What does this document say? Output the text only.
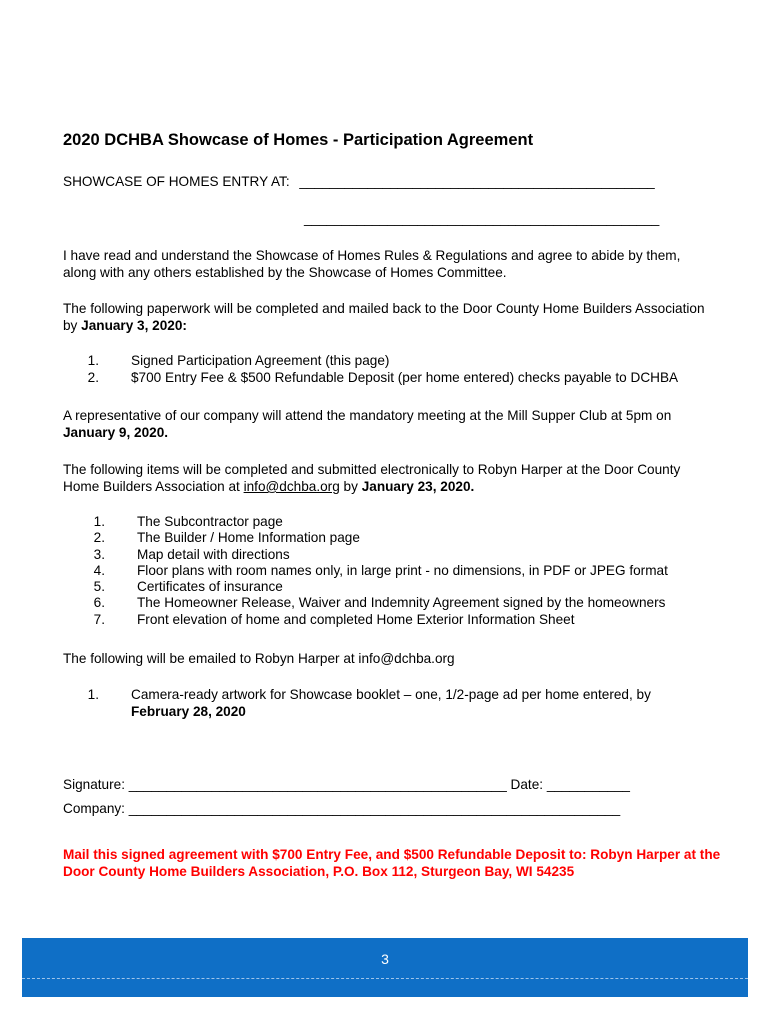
2020 DCHBA Showcase of Homes - Participation Agreement
SHOWCASE OF HOMES ENTRY AT: _______________________________________________
_______________________________________________
I have read and understand the Showcase of Homes Rules & Regulations and agree to abide by them, along with any others established by the Showcase of Homes Committee.
The following paperwork will be completed and mailed back to the Door County Home Builders Association by January 3, 2020:
1. Signed Participation Agreement (this page)
2. $700 Entry Fee & $500 Refundable Deposit (per home entered) checks payable to DCHBA
A representative of our company will attend the mandatory meeting at the Mill Supper Club at 5pm on January 9, 2020.
The following items will be completed and submitted electronically to Robyn Harper at the Door County Home Builders Association at info@dchba.org by January 23, 2020.
1. The Subcontractor page
2. The Builder / Home Information page
3. Map detail with directions
4. Floor plans with room names only, in large print - no dimensions, in PDF or JPEG format
5. Certificates of insurance
6. The Homeowner Release, Waiver and Indemnity Agreement signed by the homeowners
7. Front elevation of home and completed Home Exterior Information Sheet
The following will be emailed to Robyn Harper at info@dchba.org
1. Camera-ready artwork for Showcase booklet – one, 1/2-page ad per home entered, by
February 28, 2020
Signature: __________________________________________________ Date: ___________
Company: _________________________________________________________________
Mail this signed agreement with $700 Entry Fee, and $500 Refundable Deposit to: Robyn Harper at the Door County Home Builders Association, P.O. Box 112, Sturgeon Bay, WI 54235
3
